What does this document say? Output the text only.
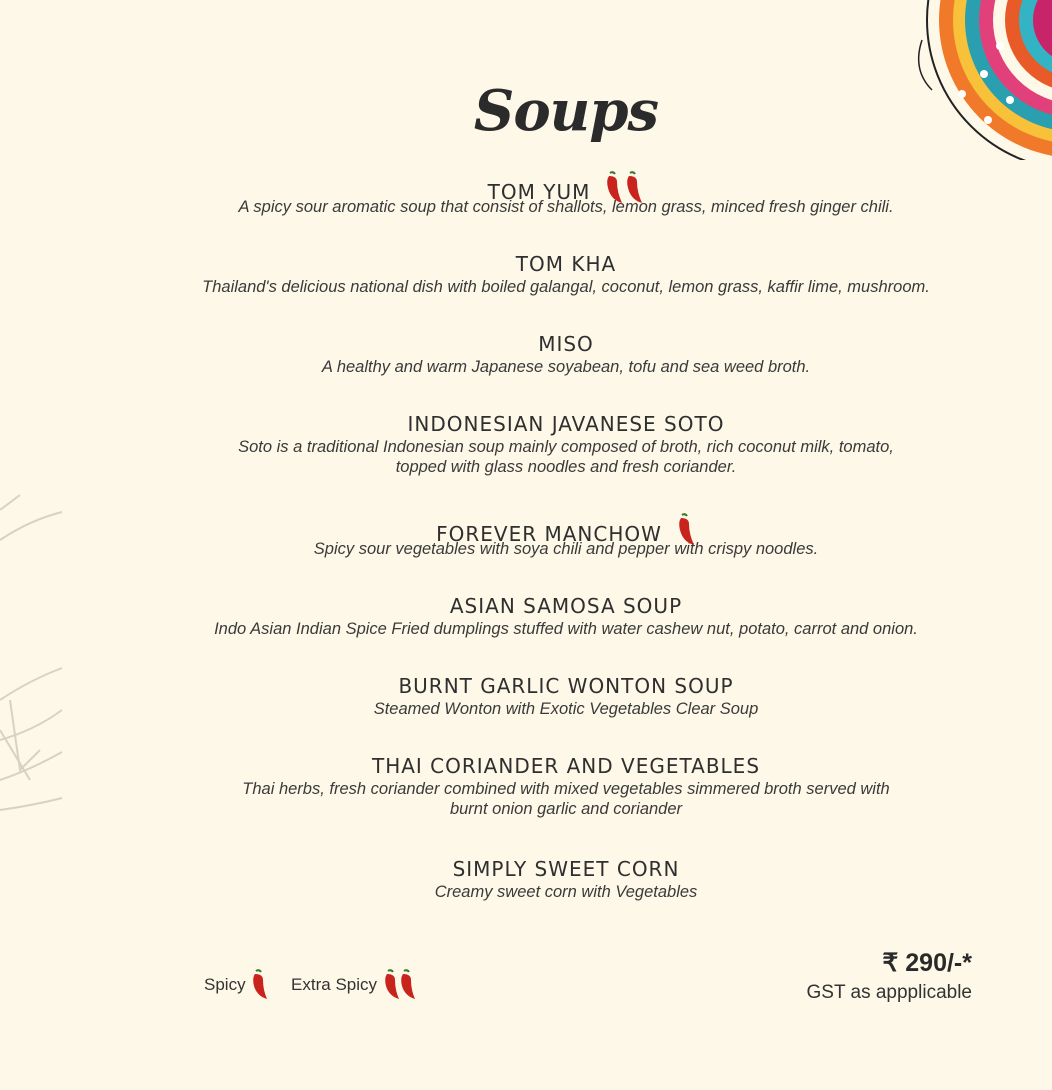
Soups
TOM YUM
A spicy sour aromatic soup that consist of shallots, lemon grass, minced fresh ginger chili.
TOM KHA
Thailand's delicious national dish with boiled galangal, coconut, lemon grass, kaffir lime, mushroom.
MISO
A healthy and warm Japanese soyabean, tofu and sea weed broth.
INDONESIAN JAVANESE SOTO
Soto is a traditional Indonesian soup mainly composed of broth, rich coconut milk, tomato,
topped with glass noodles and fresh coriander.
FOREVER MANCHOW
Spicy sour vegetables with soya chili and pepper with crispy noodles.
ASIAN SAMOSA SOUP
Indo Asian Indian Spice Fried dumplings stuffed with water cashew nut, potato, carrot and onion.
BURNT GARLIC WONTON SOUP
Steamed Wonton with Exotic Vegetables Clear Soup
THAI CORIANDER AND VEGETABLES
Thai herbs, fresh coriander combined with mixed vegetables simmered broth served with
burnt onion garlic and coriander
SIMPLY SWEET CORN
Creamy sweet corn with Vegetables
Spicy	Extra Spicy
₹ 290/-*
GST as appplicable
